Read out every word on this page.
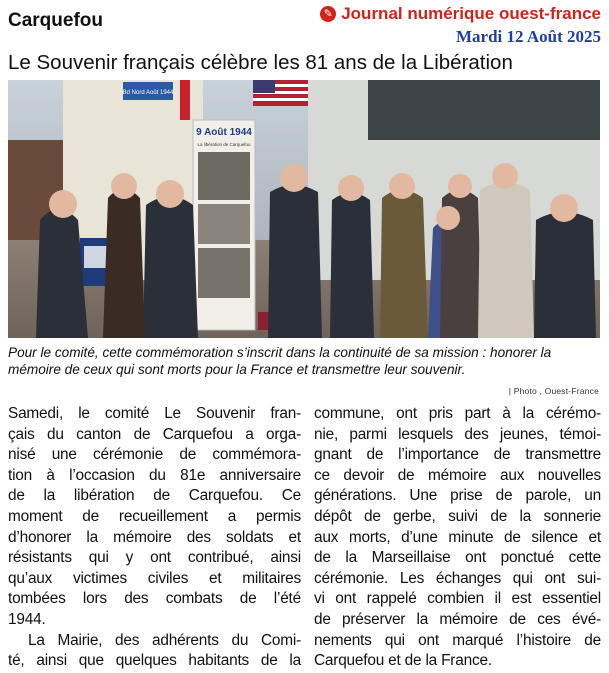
Carquefou	✎ Journal numérique ouest-france
Mardi 12 Août 2025
Le Souvenir français célèbre les 81 ans de la Libération
Bd Nord Août 1944
9 Août 1944
La libération de Carquefou
Pour le comité, cette commémoration s’inscrit dans la continuité de sa mission : honorer la mémoire de ceux qui sont morts pour la France et transmettre leur souvenir.
| Photo , Ouest-France

Samedi, le comité Le Souvenir fran-
çais du canton de Carquefou a orga-
nisé une cérémonie de commémora-
tion à l’occasion du 81e anniversaire
de la libération de Carquefou. Ce
moment de recueillement a permis
d’honorer la mémoire des soldats et
résistants qui y ont contribué, ainsi
qu’aux victimes civiles et militaires
tombées lors des combats de l’été
1944.

La Mairie, des adhérents du Comi-
té, ainsi que quelques habitants de la

commune, ont pris part à la cérémo-
nie, parmi lesquels des jeunes, témoi-
gnant de l’importance de transmettre
ce devoir de mémoire aux nouvelles
générations. Une prise de parole, un
dépôt de gerbe, suivi de la sonnerie
aux morts, d’une minute de silence et
de la Marseillaise ont ponctué cette
cérémonie. Les échanges qui ont sui-
vi ont rappelé combien il est essentiel
de préserver la mémoire de ces évé-
nements qui ont marqué l’histoire de
Carquefou et de la France.
